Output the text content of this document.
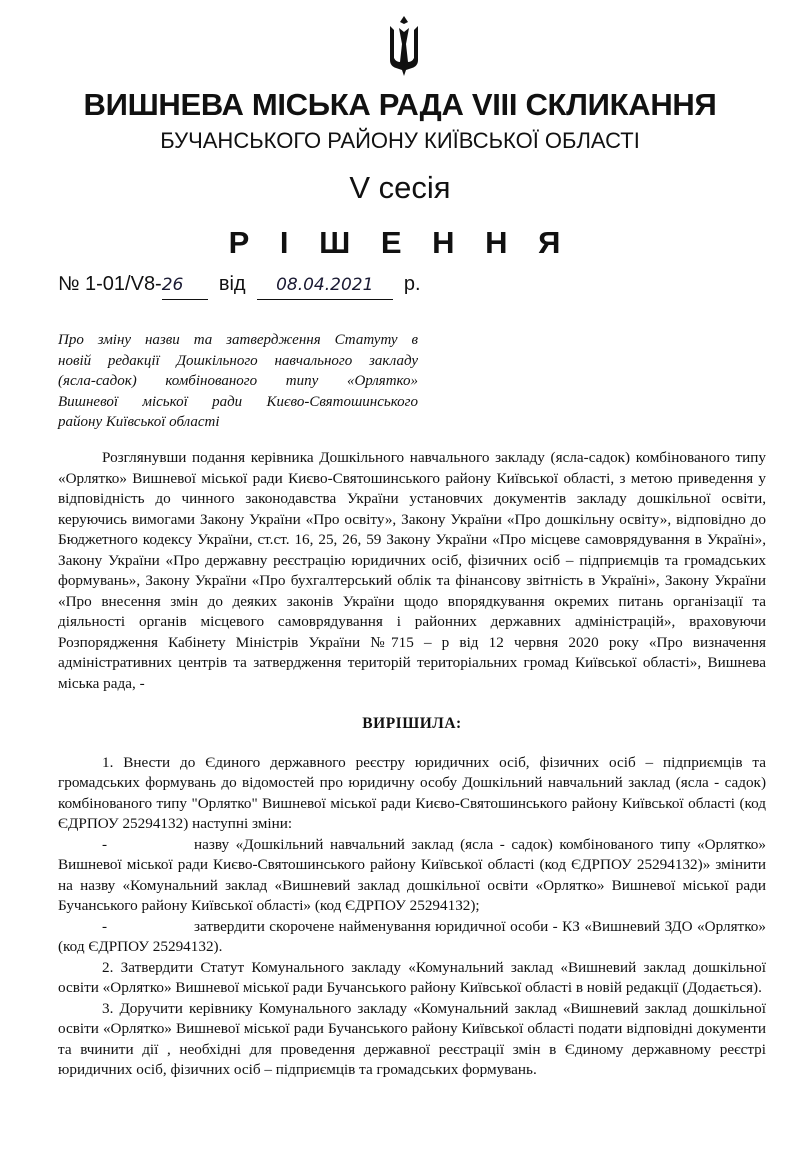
ВИШНЕВА МІСЬКА РАДА VIII СКЛИКАННЯ
БУЧАНСЬКОГО РАЙОНУ КИЇВСЬКОЇ ОБЛАСТІ
V сесія
Р І Ш Е Н Н Я
№ 1-01/V8-26 від 08.04.2021 р.
Про зміну назви та затвердження Статуту в
новій редакції Дошкільного навчального закладу
(ясла-садок) комбінованого типу «Орлятко»
Вишневої міської ради Києво-Святошинського
району Київської області

Розглянувши подання керівника Дошкільного навчального закладу (ясла-садок) комбінованого типу «Орлятко» Вишневої міської ради Києво-Святошинського району Київської області, з метою приведення у відповідність до чинного законодавства України установчих документів закладу дошкільної освіти, керуючись вимогами Закону України «Про освіту», Закону України «Про дошкільну освіту», відповідно до Бюджетного кодексу України, ст.ст. 16, 25, 26, 59 Закону України «Про місцеве самоврядування в Україні», Закону України «Про державну реєстрацію юридичних осіб, фізичних осіб – підприємців та громадських формувань», Закону України «Про бухгалтерський облік та фінансову звітність в Україні», Закону України «Про внесення змін до деяких законів України щодо впорядкування окремих питань організації та діяльності органів місцевого самоврядування і районних державних адміністрацій», враховуючи Розпорядження Кабінету Міністрів України №715 – р від 12 червня 2020 року «Про визначення адміністративних центрів та затвердження територій територіальних громад Київської області», Вишнева міська рада, -

ВИРІШИЛА:

1. Внести до Єдиного державного реєстру юридичних осіб, фізичних осіб – підприємців та громадських формувань до відомостей про юридичну особу Дошкільний навчальний заклад (ясла - садок) комбінованого типу "Орлятко" Вишневої міської ради Києво-Святошинського району Київської області (код ЄДРПОУ 25294132) наступні зміни:

-	назву «Дошкільний навчальний заклад (ясла - садок) комбінованого типу «Орлятко» Вишневої міської ради Києво-Святошинського району Київської області (код ЄДРПОУ 25294132)» змінити на назву «Комунальний заклад «Вишневий заклад дошкільної освіти «Орлятко» Вишневої міської ради Бучанського району Київської області» (код ЄДРПОУ 25294132);

-	затвердити скорочене найменування юридичної особи - КЗ «Вишневий ЗДО «Орлятко» (код ЄДРПОУ 25294132).

2. Затвердити Статут Комунального закладу «Комунальний заклад «Вишневий заклад дошкільної освіти «Орлятко» Вишневої міської ради Бучанського району Київської області в новій редакції (Додається).

3. Доручити керівнику Комунального закладу «Комунальний заклад «Вишневий заклад дошкільної освіти «Орлятко» Вишневої міської ради Бучанського району Київської області подати відповідні документи та вчинити дії , необхідні для проведення державної реєстрації змін в Єдиному державному реєстрі юридичних осіб, фізичних осіб – підприємців та громадських формувань.
